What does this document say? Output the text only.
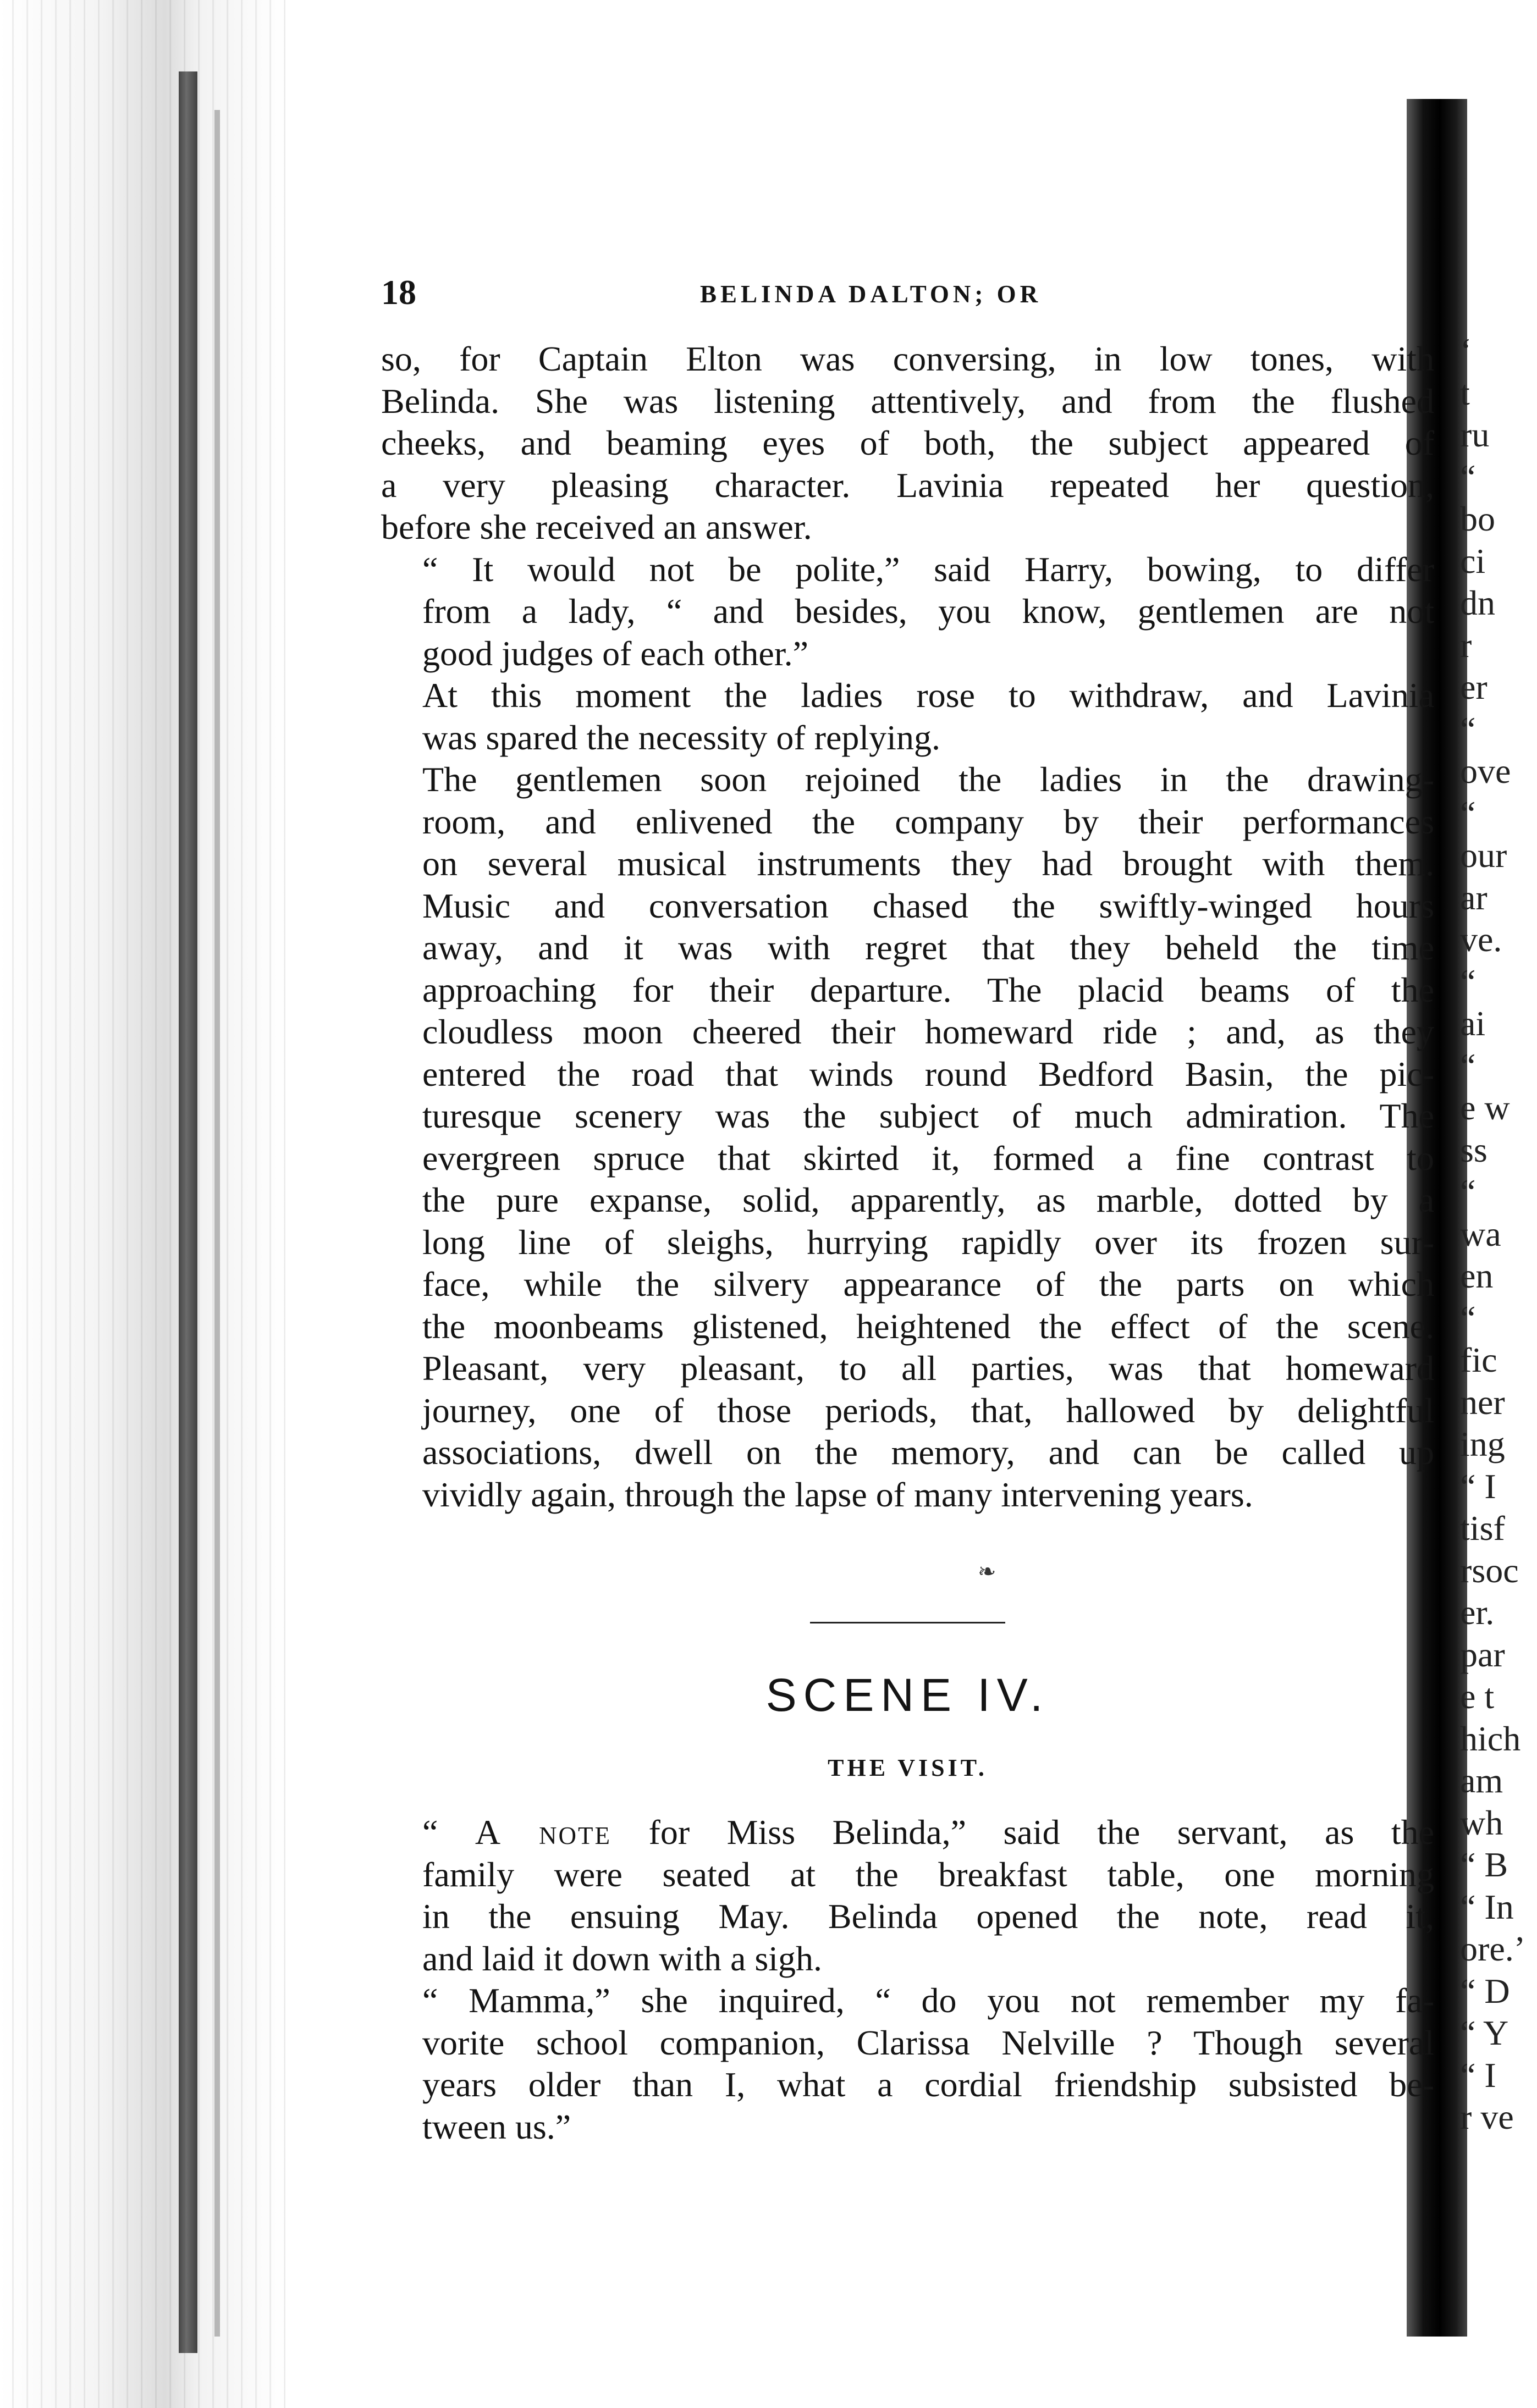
‘
t
ru
“
bo
ci
dn
r
er
“
ove
“
our
ar
ve.
“
ai
“
e w
ss
“
wa
en
“
fic
ner
ing
“ I
tisf
rsoc
er.
par
e t
hich
am
wh
“ B
“ In
ore.’
“ D
“ Y
“ I
r ve
18	BELINDA DALTON; OR

so, for Captain Elton was conversing, in low tones, with
Belinda. She was listening attentively, and from the flushed
cheeks, and beaming eyes of both, the subject appeared of
a very pleasing character. Lavinia repeated her question,
before she received an answer.

“ It would not be polite,” said Harry, bowing, to differ
from a lady, “ and besides, you know, gentlemen are not
good judges of each other.”

At this moment the ladies rose to withdraw, and Lavinia
was spared the necessity of replying.

The gentlemen soon rejoined the ladies in the drawing-
room, and enlivened the company by their performances
on several musical instruments they had brought with them.
Music and conversation chased the swiftly-winged hours
away, and it was with regret that they beheld the time
approaching for their departure. The placid beams of the
cloudless moon cheered their homeward ride ; and, as they
entered the road that winds round Bedford Basin, the pic-
turesque scenery was the subject of much admiration. The
evergreen spruce that skirted it, formed a fine contrast to
the pure expanse, solid, apparently, as marble, dotted by a
long line of sleighs, hurrying rapidly over its frozen sur-
face, while the silvery appearance of the parts on which
the moonbeams glistened, heightened the effect of the scene.
Pleasant, very pleasant, to all parties, was that homeward
journey, one of those periods, that, hallowed by delightful
associations, dwell on the memory, and can be called up
vividly again, through the lapse of many intervening years.

❧
SCENE IV.
THE VISIT.

“ A note for Miss Belinda,” said the servant, as the
family were seated at the breakfast table, one morning
in the ensuing May. Belinda opened the note, read it,
and laid it down with a sigh.

“ Mamma,” she inquired, “ do you not remember my fa-
vorite school companion, Clarissa Nelville ? Though several
years older than I, what a cordial friendship subsisted be-
tween us.”
